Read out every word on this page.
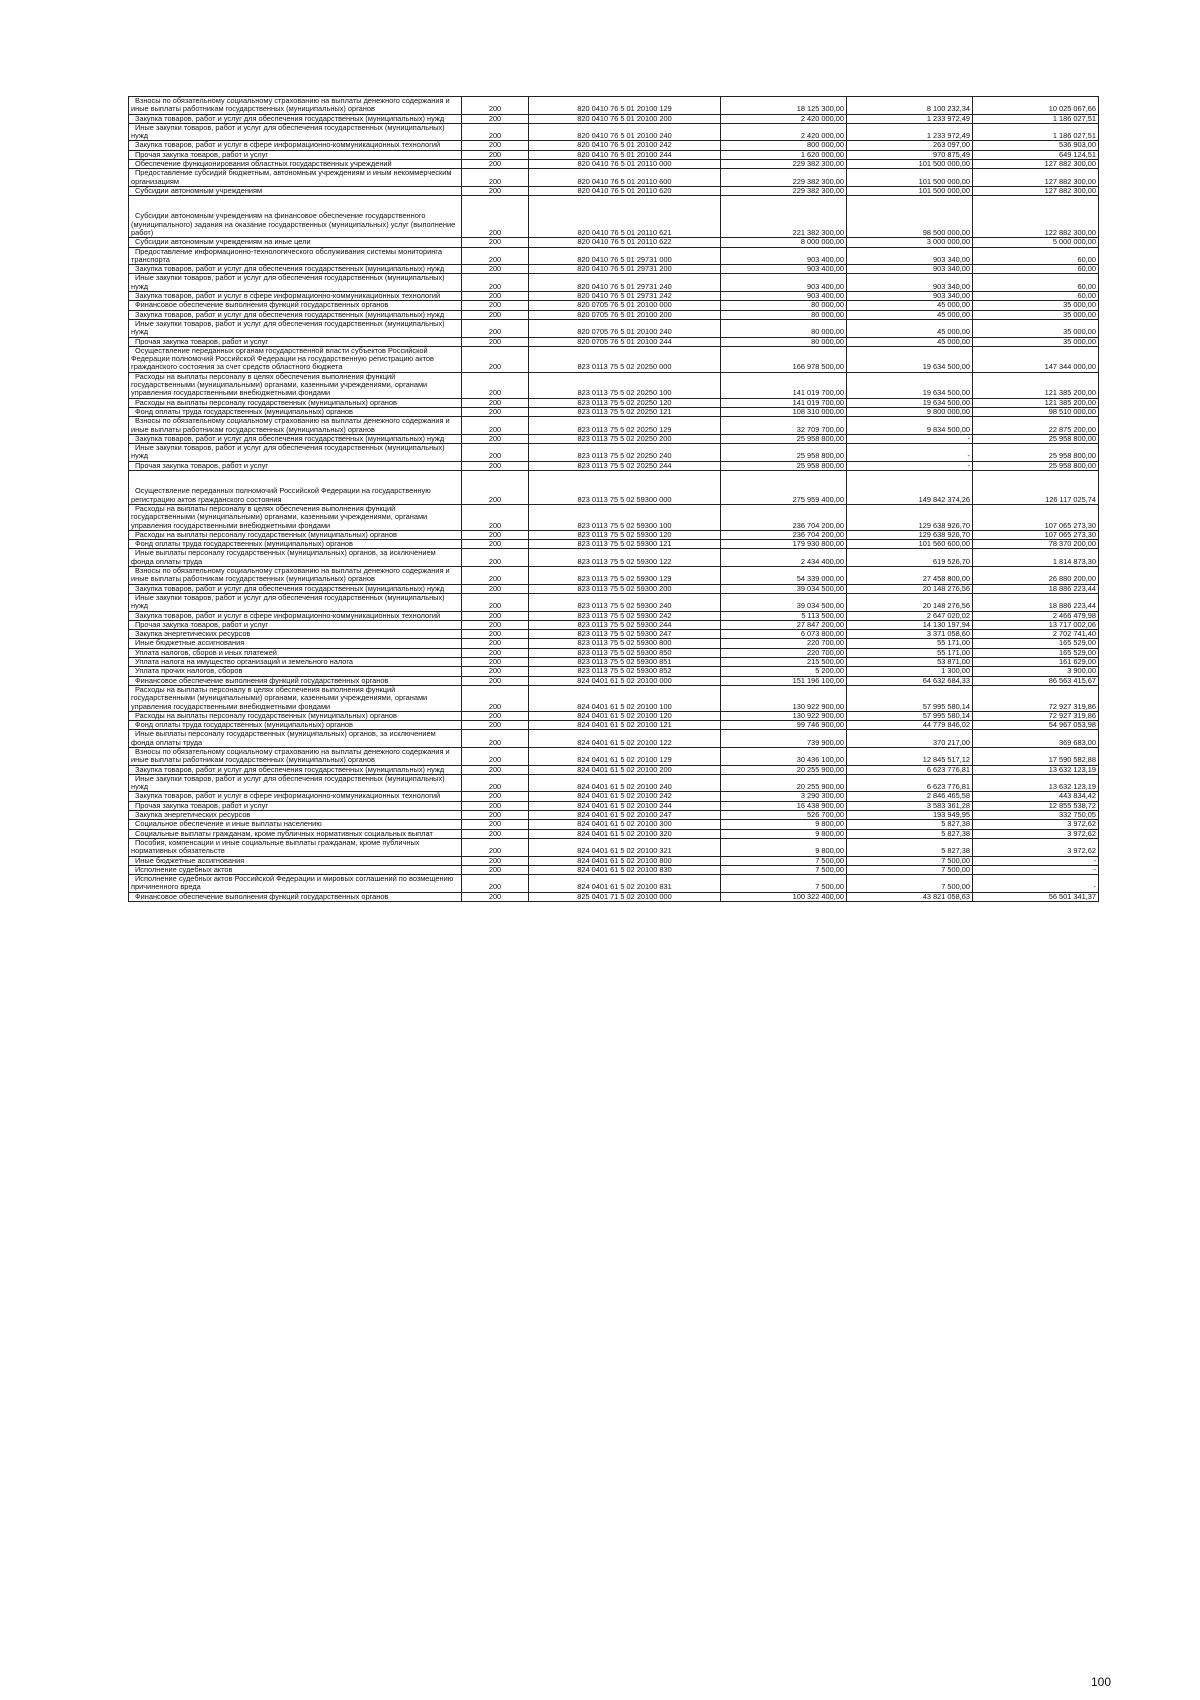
Взносы по обязательному социальному страхованию на выплаты денежного содержания и иные выплаты работникам государственных (муниципальных) органов	200	820 0410 76 5 01 20100 129	18 125 300,00	8 100 232,34	10 025 067,66
Закупка товаров, работ и услуг для обеспечения государственных (муниципальных) нужд	200	820 0410 76 5 01 20100 200	2 420 000,00	1 233 972,49	1 186 027,51
Иные закупки товаров, работ и услуг для обеспечения государственных (муниципальных) нужд	200	820 0410 76 5 01 20100 240	2 420 000,00	1 233 972,49	1 186 027,51
Закупка товаров, работ и услуг в сфере информационно-коммуникационных технологий	200	820 0410 76 5 01 20100 242	800 000,00	263 097,00	536 903,00
Прочая закупка товаров, работ и услуг	200	820 0410 76 5 01 20100 244	1 620 000,00	970 875,49	649 124,51
Обеспечение функционирования областных государственных учреждений	200	820 0410 76 5 01 20110 000	229 382 300,00	101 500 000,00	127 882 300,00
Предоставление субсидий бюджетным, автономным учреждениям и иным некоммерческим организациям	200	820 0410 76 5 01 20110 600	229 382 300,00	101 500 000,00	127 882 300,00
Субсидии автономным учреждениям	200	820 0410 76 5 01 20110 620	229 382 300,00	101 500 000,00	127 882 300,00
Субсидии автономным учреждениям на финансовое обеспечение государственного (муниципального) задания на оказание государственных (муниципальных) услуг (выполнение работ)	200	820 0410 76 5 01 20110 621	221 382 300,00	98 500 000,00	122 882 300,00
Субсидии автономным учреждениям на иные цели	200	820 0410 76 5 01 20110 622	8 000 000,00	3 000 000,00	5 000 000,00
Предоставление информационно-технологического обслуживания системы мониторинга транспорта	200	820 0410 76 5 01 29731 000	903 400,00	903 340,00	60,00
Закупка товаров, работ и услуг для обеспечения государственных (муниципальных) нужд	200	820 0410 76 5 01 29731 200	903 400,00	903 340,00	60,00
Иные закупки товаров, работ и услуг для обеспечения государственных (муниципальных) нужд	200	820 0410 76 5 01 29731 240	903 400,00	903 340,00	60,00
Закупка товаров, работ и услуг в сфере информационно-коммуникационных технологий	200	820 0410 76 5 01 29731 242	903 400,00	903 340,00	60,00
Финансовое обеспечение выполнения функций государственных органов	200	820 0705 76 5 01 20100 000	80 000,00	45 000,00	35 000,00
Закупка товаров, работ и услуг для обеспечения государственных (муниципальных) нужд	200	820 0705 76 5 01 20100 200	80 000,00	45 000,00	35 000,00
Иные закупки товаров, работ и услуг для обеспечения государственных (муниципальных) нужд	200	820 0705 76 5 01 20100 240	80 000,00	45 000,00	35 000,00
Прочая закупка товаров, работ и услуг	200	820 0705 76 5 01 20100 244	80 000,00	45 000,00	35 000,00
Осуществление переданных органам государственной власти субъектов Российской Федерации полномочий Российской Федерации на государственную регистрацию актов гражданского состояния за счет средств областного бюджета	200	823 0113 75 5 02 20250 000	166 978 500,00	19 634 500,00	147 344 000,00
Расходы на выплаты персоналу в целях обеспечения выполнения функций государственными (муниципальными) органами, казенными учреждениями, органами управления государственными внебюджетными фондами	200	823 0113 75 5 02 20250 100	141 019 700,00	19 634 500,00	121 385 200,00
Расходы на выплаты персоналу государственных (муниципальных) органов	200	823 0113 75 5 02 20250 120	141 019 700,00	19 634 500,00	121 385 200,00
Фонд оплаты труда государственных (муниципальных) органов	200	823 0113 75 5 02 20250 121	108 310 000,00	9 800 000,00	98 510 000,00
Взносы по обязательному социальному страхованию на выплаты денежного содержания и иные выплаты работникам государственных (муниципальных) органов	200	823 0113 75 5 02 20250 129	32 709 700,00	9 834 500,00	22 875 200,00
Закупка товаров, работ и услуг для обеспечения государственных (муниципальных) нужд	200	823 0113 75 5 02 20250 200	25 958 800,00	-	25 958 800,00
Иные закупки товаров, работ и услуг для обеспечения государственных (муниципальных) нужд	200	823 0113 75 5 02 20250 240	25 958 800,00	-	25 958 800,00
Прочая закупка товаров, работ и услуг	200	823 0113 75 5 02 20250 244	25 958 800,00	-	25 958 800,00
Осуществление переданных полномочий Российской Федерации на государственную регистрацию актов гражданского состояния	200	823 0113 75 5 02 59300 000	275 959 400,00	149 842 374,26	126 117 025,74
Расходы на выплаты персоналу в целях обеспечения выполнения функций государственными (муниципальными) органами, казенными учреждениями, органами управления государственными внебюджетными фондами	200	823 0113 75 5 02 59300 100	236 704 200,00	129 638 926,70	107 065 273,30
Расходы на выплаты персоналу государственных (муниципальных) органов	200	823 0113 75 5 02 59300 120	236 704 200,00	129 638 926,70	107 065 273,30
Фонд оплаты труда государственных (муниципальных) органов	200	823 0113 75 5 02 59300 121	179 930 800,00	101 560 600,00	78 370 200,00
Иные выплаты персоналу государственных (муниципальных) органов, за исключением фонда оплаты труда	200	823 0113 75 5 02 59300 122	2 434 400,00	619 526,70	1 814 873,30
Взносы по обязательному социальному страхованию на выплаты денежного содержания и иные выплаты работникам государственных (муниципальных) органов	200	823 0113 75 5 02 59300 129	54 339 000,00	27 458 800,00	26 880 200,00
Закупка товаров, работ и услуг для обеспечения государственных (муниципальных) нужд	200	823 0113 75 5 02 59300 200	39 034 500,00	20 148 276,56	18 886 223,44
Иные закупки товаров, работ и услуг для обеспечения государственных (муниципальных) нужд	200	823 0113 75 5 02 59300 240	39 034 500,00	20 148 276,56	18 886 223,44
Закупка товаров, работ и услуг в сфере информационно-коммуникационных технологий	200	823 0113 75 5 02 59300 242	5 113 500,00	2 647 020,02	2 466 479,98
Прочая закупка товаров, работ и услуг	200	823 0113 75 5 02 59300 244	27 847 200,00	14 130 197,94	13 717 002,06
Закупка энергетических ресурсов	200	823 0113 75 5 02 59300 247	6 073 800,00	3 371 058,60	2 702 741,40
Иные бюджетные ассигнования	200	823 0113 75 5 02 59300 800	220 700,00	55 171,00	165 529,00
Уплата налогов, сборов и иных платежей	200	823 0113 75 5 02 59300 850	220 700,00	55 171,00	165 529,00
Уплата налога на имущество организаций и земельного налога	200	823 0113 75 5 02 59300 851	215 500,00	53 871,00	161 629,00
Уплата прочих налогов, сборов	200	823 0113 75 5 02 59300 852	5 200,00	1 300,00	3 900,00
Финансовое обеспечение выполнения функций государственных органов	200	824 0401 61 5 02 20100 000	151 196 100,00	64 632 684,33	86 563 415,67
Расходы на выплаты персоналу в целях обеспечения выполнения функций государственными (муниципальными) органами, казенными учреждениями, органами управления государственными внебюджетными фондами	200	824 0401 61 5 02 20100 100	130 922 900,00	57 995 580,14	72 927 319,86
Расходы на выплаты персоналу государственных (муниципальных) органов	200	824 0401 61 5 02 20100 120	130 922 900,00	57 995 580,14	72 927 319,86
Фонд оплаты труда государственных (муниципальных) органов	200	824 0401 61 5 02 20100 121	99 746 900,00	44 779 846,02	54 967 053,98
Иные выплаты персоналу государственных (муниципальных) органов, за исключением фонда оплаты труда	200	824 0401 61 5 02 20100 122	739 900,00	370 217,00	369 683,00
Взносы по обязательному социальному страхованию на выплаты денежного содержания и иные выплаты работникам государственных (муниципальных) органов	200	824 0401 61 5 02 20100 129	30 436 100,00	12 845 517,12	17 590 582,88
Закупка товаров, работ и услуг для обеспечения государственных (муниципальных) нужд	200	824 0401 61 5 02 20100 200	20 255 900,00	6 623 776,81	13 632 123,19
Иные закупки товаров, работ и услуг для обеспечения государственных (муниципальных) нужд	200	824 0401 61 5 02 20100 240	20 255 900,00	6 623 776,81	13 632 123,19
Закупка товаров, работ и услуг в сфере информационно-коммуникационных технологий	200	824 0401 61 5 02 20100 242	3 290 300,00	2 846 465,58	443 834,42
Прочая закупка товаров, работ и услуг	200	824 0401 61 5 02 20100 244	16 438 900,00	3 583 361,28	12 855 538,72
Закупка энергетических ресурсов	200	824 0401 61 5 02 20100 247	526 700,00	193 949,95	332 750,05
Социальное обеспечение и иные выплаты населению	200	824 0401 61 5 02 20100 300	9 800,00	5 827,38	3 972,62
Социальные выплаты гражданам, кроме публичных нормативных социальных выплат	200	824 0401 61 5 02 20100 320	9 800,00	5 827,38	3 972,62
Пособия, компенсации и иные социальные выплаты гражданам, кроме публичных нормативных обязательств	200	824 0401 61 5 02 20100 321	9 800,00	5 827,38	3 972,62
Иные бюджетные ассигнования	200	824 0401 61 5 02 20100 800	7 500,00	7 500,00	-
Исполнение судебных актов	200	824 0401 61 5 02 20100 830	7 500,00	7 500,00	-
Исполнение судебных актов Российской Федерации и мировых соглашений по возмещению причиненного вреда	200	824 0401 61 5 02 20100 831	7 500,00	7 500,00	-
Финансовое обеспечение выполнения функций государственных органов	200	825 0401 71 5 02 20100 000	100 322 400,00	43 821 058,63	56 501 341,37
100
